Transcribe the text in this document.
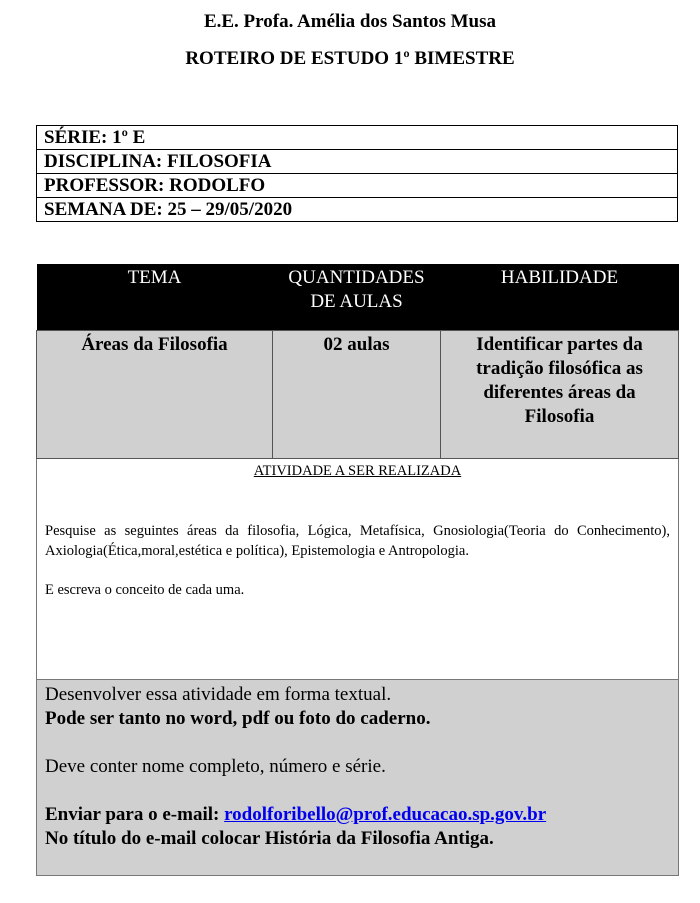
E.E. Profa. Amélia dos Santos Musa
ROTEIRO DE ESTUDO 1º BIMESTRE
SÉRIE: 1º E
DISCIPLINA: FILOSOFIA
PROFESSOR: RODOLFO
SEMANA DE: 25 – 29/05/2020
TEMA	QUANTIDADES DE AULAS	HABILIDADE
Áreas da Filosofia	02 aulas	Identificar partes da tradição filosófica as diferentes áreas da Filosofia

ATIVIDADE A SER REALIZADA
Pesquise as seguintes áreas da filosofia, Lógica, Metafísica, Gnosiologia(Teoria do Conhecimento), Axiologia(Ética,moral,estética e política), Epistemologia e Antropologia.
E escreva o conceito de cada uma.		

Desenvolver essa atividade em forma textual.
Pode ser tanto no word, pdf ou foto do caderno.
Deve conter nome completo, número e série.
Enviar para o e-mail: rodolforibello@prof.educacao.sp.gov.br
No título do e-mail colocar História da Filosofia Antiga.		
